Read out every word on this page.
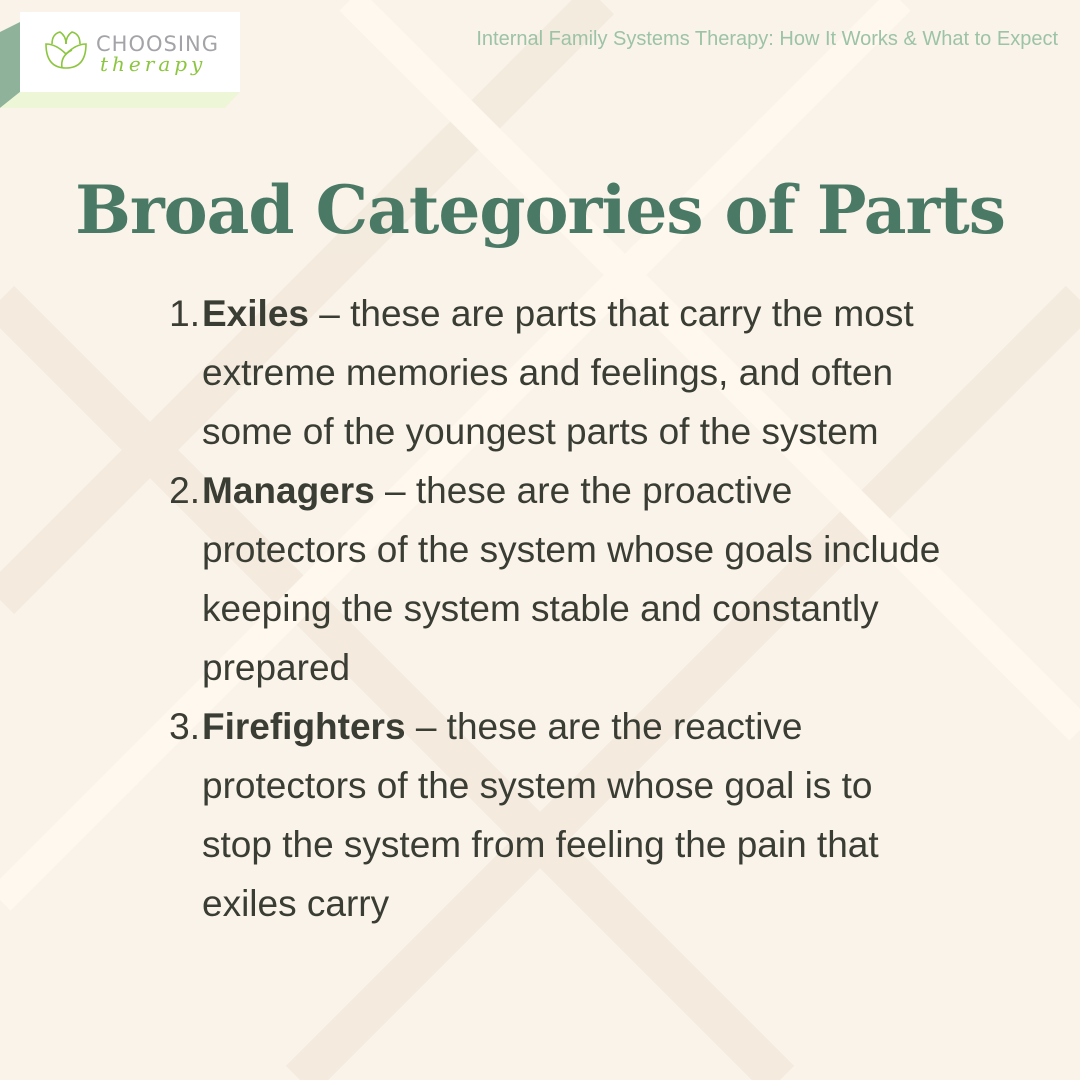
CHOOSING
therapy
Internal Family Systems Therapy: How It Works & What to Expect
Broad Categories of Parts
1. Exiles – these are parts that carry the most extreme memories and feelings, and often some of the youngest parts of the system
2. Managers – these are the proactive protectors of the system whose goals include keeping the system stable and constantly prepared
3. Firefighters – these are the reactive protectors of the system whose goal is to stop the system from feeling the pain that exiles carry
